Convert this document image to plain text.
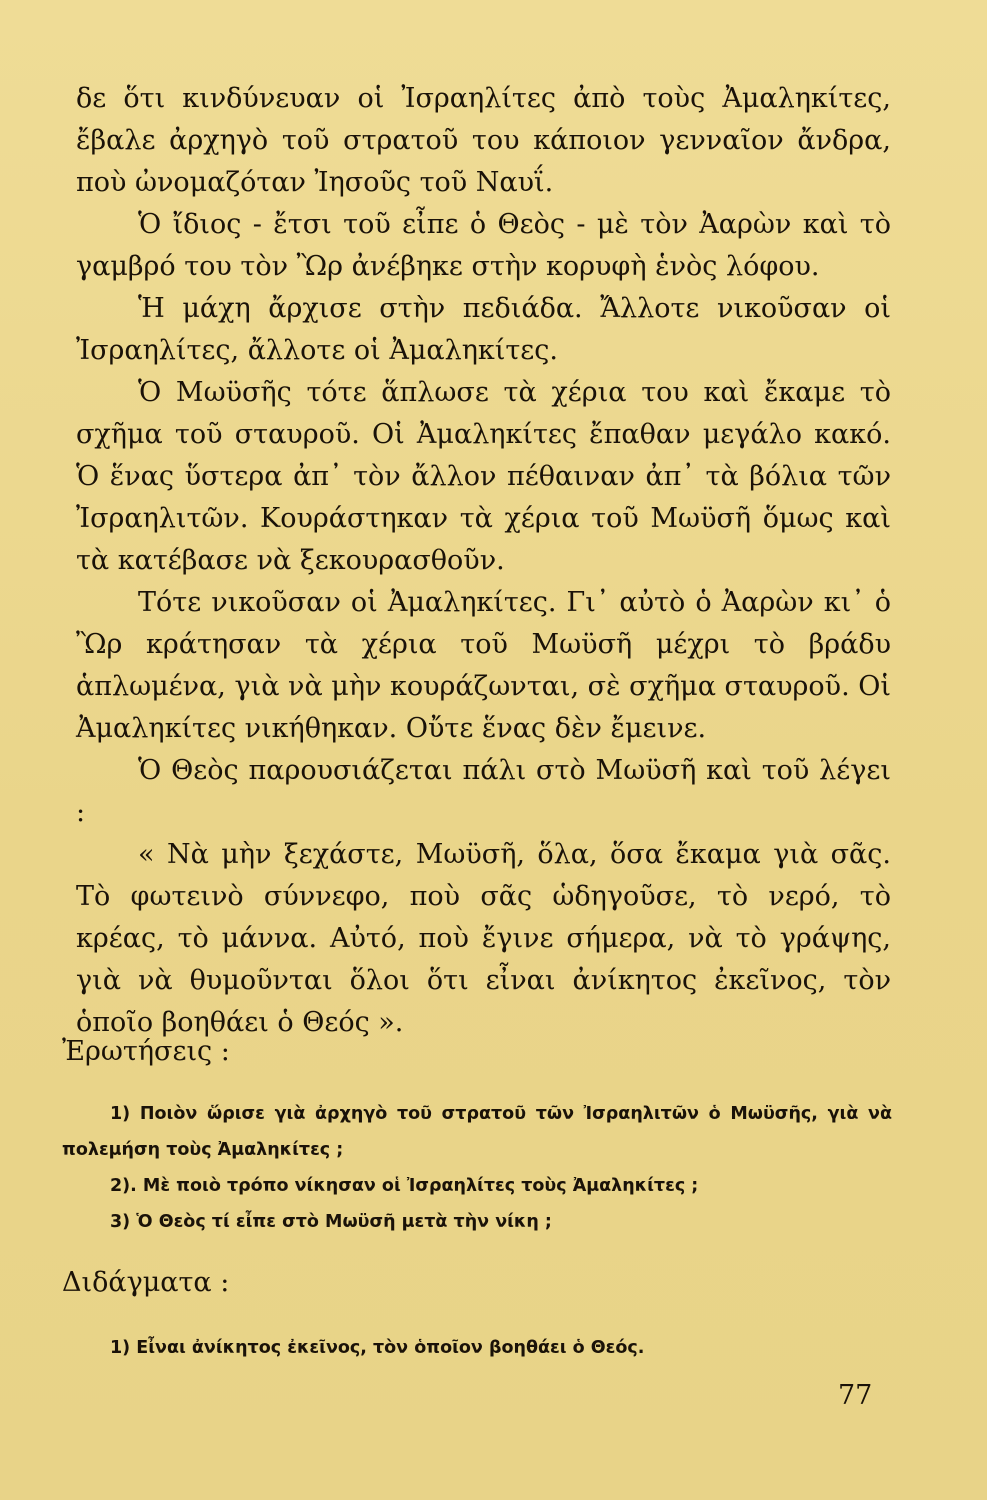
δε ὅτι κινδύνευαν οἱ Ἰσραηλίτες ἀπὸ τοὺς Ἀμαληκίτες, ἔβαλε ἀρχηγὸ τοῦ στρατοῦ του κάποιον γενναῖον ἄνδρα, ποὺ ὠνομαζόταν Ἰησοῦς τοῦ Ναυΐ.

Ὁ ἴδιος - ἔτσι τοῦ εἶπε ὁ Θεὸς - μὲ τὸν Ἀαρὼν καὶ τὸ γαμβρό του τὸν Ὢρ ἀνέβηκε στὴν κορυφὴ ἑνὸς λόφου.

Ἡ μάχη ἄρχισε στὴν πεδιάδα. Ἄλλοτε νικοῦσαν οἱ Ἰσραηλίτες, ἄλλοτε οἱ Ἀμαληκίτες.

Ὁ Μωϋσῆς τότε ἅπλωσε τὰ χέρια του καὶ ἔκαμε τὸ σχῆμα τοῦ σταυροῦ. Οἱ Ἀμαληκίτες ἔπαθαν μεγάλο κακό. Ὁ ἕνας ὕστερα ἀπ᾽ τὸν ἄλλον πέθαιναν ἀπ᾽ τὰ βόλια τῶν Ἰσραηλιτῶν. Κουράστηκαν τὰ χέρια τοῦ Μωϋσῆ ὅμως καὶ τὰ κατέβασε νὰ ξεκουρασθοῦν.

Τότε νικοῦσαν οἱ Ἀμαληκίτες. Γι᾽ αὐτὸ ὁ Ἀαρὼν κι᾽ ὁ Ὢρ κράτησαν τὰ χέρια τοῦ Μωϋσῆ μέχρι τὸ βράδυ ἁπλωμένα, γιὰ νὰ μὴν κουράζωνται, σὲ σχῆμα σταυροῦ. Οἱ Ἀμαληκίτες νικήθηκαν. Οὔτε ἕνας δὲν ἔμεινε.

Ὁ Θεὸς παρουσιάζεται πάλι στὸ Μωϋσῆ καὶ τοῦ λέγει :

« Νὰ μὴν ξεχάστε, Μωϋσῆ, ὅλα, ὅσα ἔκαμα γιὰ σᾶς. Τὸ φωτεινὸ σύννεφο, ποὺ σᾶς ὡδηγοῦσε, τὸ νερό, τὸ κρέας, τὸ μάννα. Αὐτό, ποὺ ἔγινε σήμερα, νὰ τὸ γράψης, γιὰ νὰ θυμοῦνται ὅλοι ὅτι εἶναι ἀνίκητος ἐκεῖνος, τὸν ὁποῖο βοηθάει ὁ Θεός ».

Ἐρωτήσεις :

1) Ποιὸν ὥρισε γιὰ ἀρχηγὸ τοῦ στρατοῦ τῶν Ἰσραηλιτῶν ὁ Μωϋσῆς, γιὰ νὰ πολεμήση τοὺς Ἀμαληκίτες ;

2). Μὲ ποιὸ τρόπο νίκησαν οἱ Ἰσραηλίτες τοὺς Ἀμαληκίτες ;

3) Ὁ Θεὸς τί εἶπε στὸ Μωϋσῆ μετὰ τὴν νίκη ;

Διδάγματα :

1) Εἶναι ἀνίκητος ἐκεῖνος, τὸν ὁποῖον βοηθάει ὁ Θεός.

77
